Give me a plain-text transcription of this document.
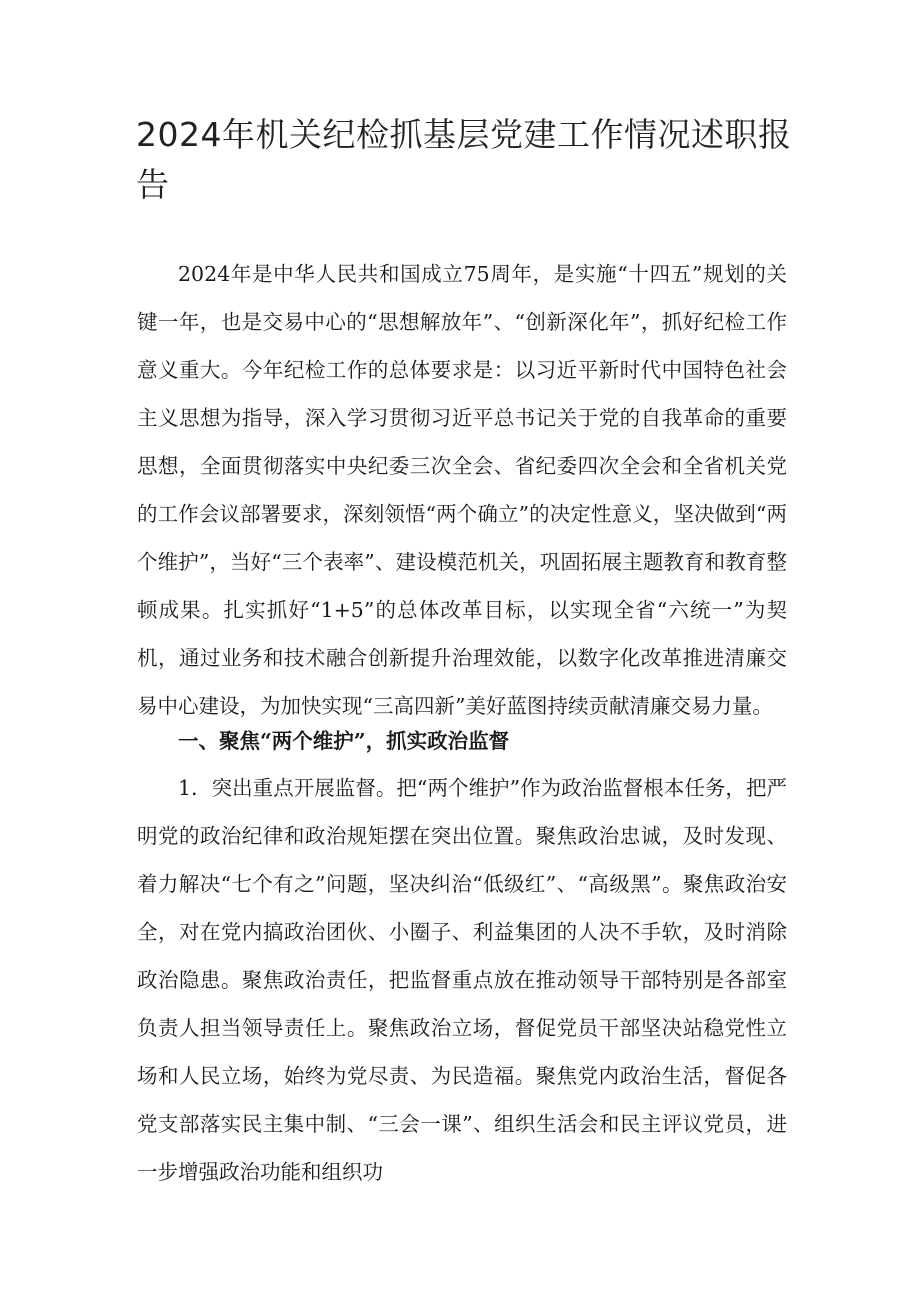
2024年机关纪检抓基层党建工作情况述职报告

2024年是中华人民共和国成立75周年，是实施“十四五”规划的关键一年，也是交易中心的“思想解放年”、“创新深化年”，抓好纪检工作意义重大。今年纪检工作的总体要求是：以习近平新时代中国特色社会主义思想为指导，深入学习贯彻习近平总书记关于党的自我革命的重要思想，全面贯彻落实中央纪委三次全会、省纪委四次全会和全省机关党的工作会议部署要求，深刻领悟“两个确立”的决定性意义，坚决做到“两个维护”，当好“三个表率”、建设模范机关，巩固拓展主题教育和教育整顿成果。扎实抓好“1+5”的总体改革目标，以实现全省“六统一”为契机，通过业务和技术融合创新提升治理效能，以数字化改革推进清廉交易中心建设，为加快实现“三高四新”美好蓝图持续贡献清廉交易力量。

一、聚焦“两个维护”，抓实政治监督

1．突出重点开展监督。把“两个维护”作为政治监督根本任务，把严明党的政治纪律和政治规矩摆在突出位置。聚焦政治忠诚，及时发现、着力解决“七个有之”问题，坚决纠治“低级红”、“高级黑”。聚焦政治安全，对在党内搞政治团伙、小圈子、利益集团的人决不手软，及时消除政治隐患。聚焦政治责任，把监督重点放在推动领导干部特别是各部室负责人担当领导责任上。聚焦政治立场，督促党员干部坚决站稳党性立场和人民立场，始终为党尽责、为民造福。聚焦党内政治生活，督促各党支部落实民主集中制、“三会一课”、组织生活会和民主评议党员，进一步增强政治功能和组织功
